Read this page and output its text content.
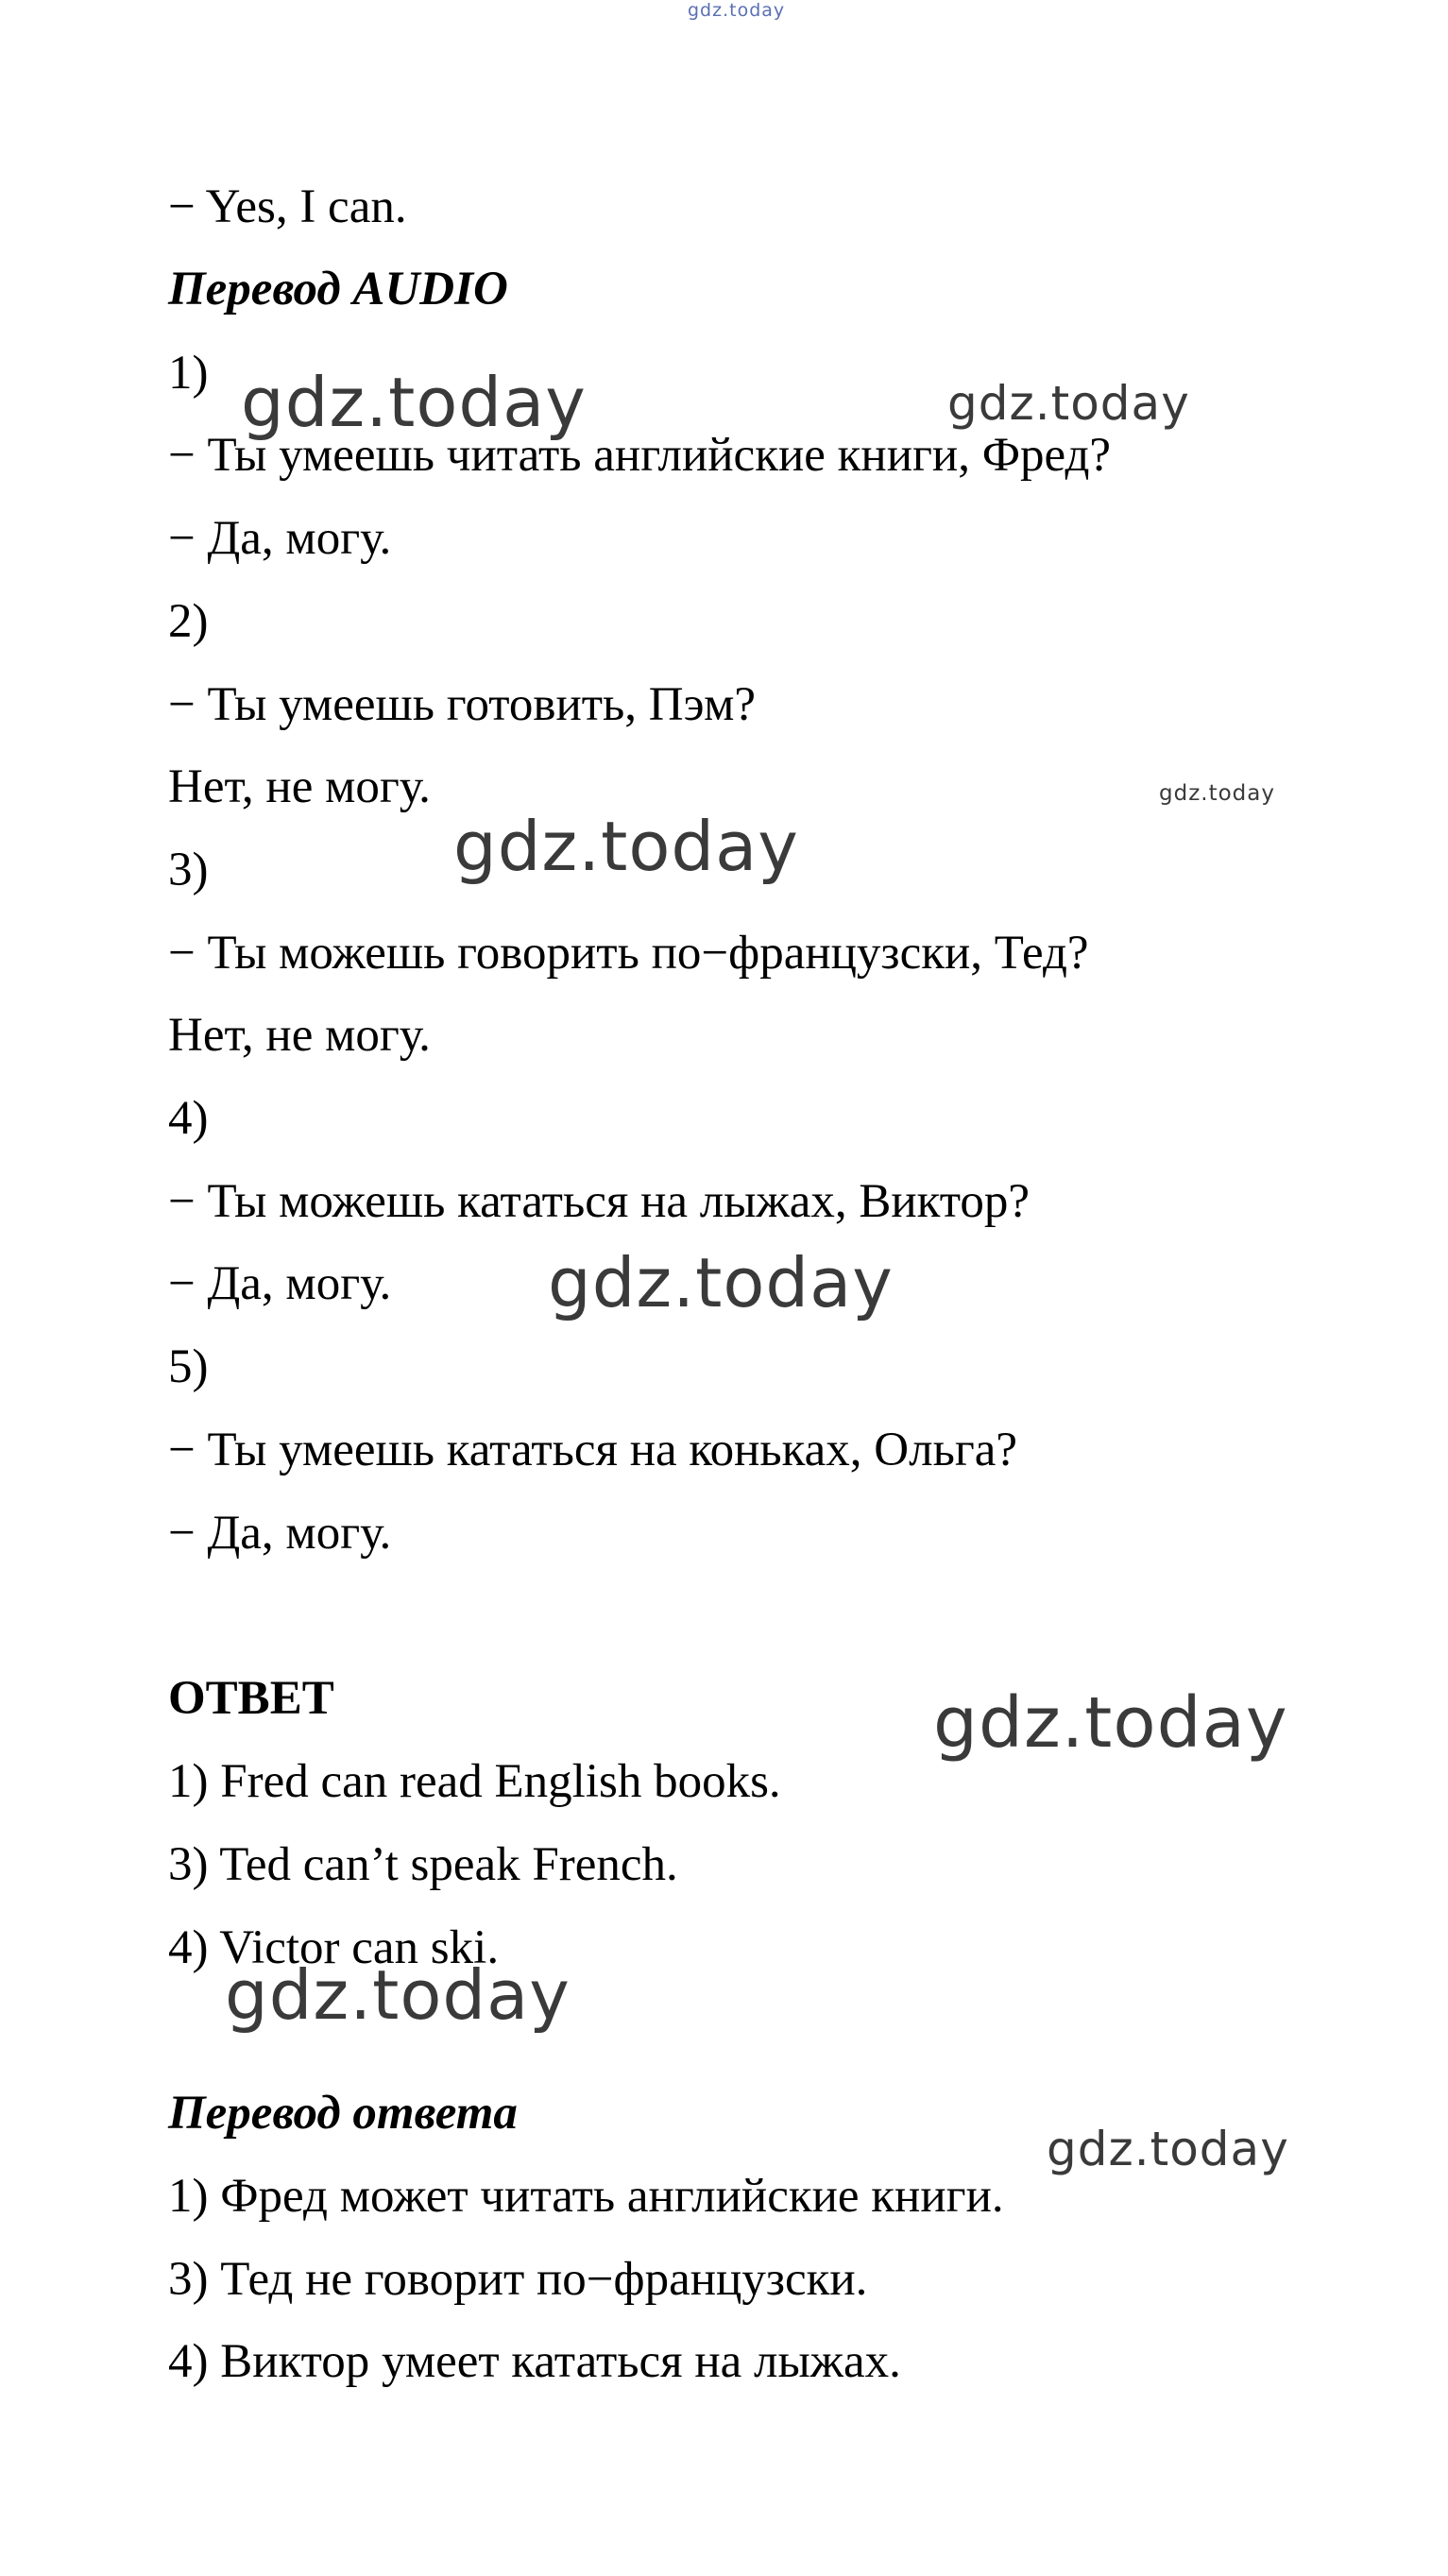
gdz.today
gdz.today	gdz.today
gdz.today
gdz.today
gdz.today
gdz.today
gdz.today
gdz.today
− Yes, I can.
Перевод AUDIO
1)
− Ты умеешь читать английские книги, Фред?
− Да, могу.
2)
− Ты умеешь готовить, Пэм?
Нет, не могу.
3)
− Ты можешь говорить по−французски, Тед?
Нет, не могу.
4)
− Ты можешь кататься на лыжах, Виктор?
− Да, могу.
5)
− Ты умеешь кататься на коньках, Ольга?
− Да, могу.
ОТВЕТ
1) Fred can read English books.
3) Ted can’t speak French.
4) Victor can ski.
Перевод ответа
1) Фред может читать английские книги.
3) Тед не говорит по−французски.
4) Виктор умеет кататься на лыжах.
